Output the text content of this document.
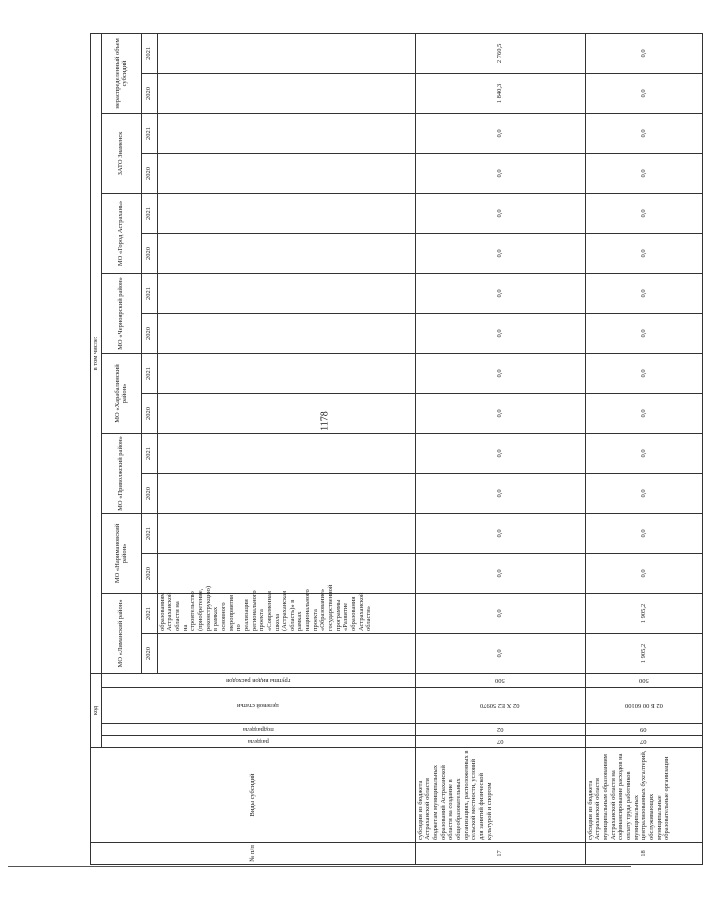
1178
№ п/п	Виды субсидий	код				в том числе:																

		раздела	подраздела	целевой статьи	группы видов расходов	МО «Лиманский район»		МО «Наримановский район»		МО «Приволжский район»		МО «Харабалинский район»		МО «Черноярский район»		МО «Город Астрахань»		ЗАТО Знаменск		нераспределенный объем субсидий		
						2020	2021	2020	2021	2020	2021	2020	2021	2020	2021	2020	2021	2020	2021	2020	2021	
							образованиям Астраханской области на на строительство (приобретение, реконструкцию) в рамках основного мероприятия по реализации регионального проекта «Современная школа (Астраханская область)» в рамках национального проекта «Образование» государственной программы «Развитие образования Астраханской области»	

17	субсидии из бюджета Астраханской области бюджетам муниципальных образований Астраханской области на создание в общеобразовательных организациях, расположенных в сельской местности, условий для занятий физической культурой и спортом	07	02	02 Х Е2 50970	500	0,0	0,0	0,0	0,0	0,0	0,0	0,0	0,0	0,0	0,0	0,0	0,0	0,0	0,0	1 840,3	2 760,5	
18	субсидии из бюджета Астраханской области муниципальным образованиям Астраханской области на софинансирование расходов на оплату труда работников муниципальных централизованных бухгалтерий, обслуживающих муниципальные образовательные организации	07	09	02 Б 00 60100	500	1 905,2	1 905,2	0,0	0,0	0,0	0,0	0,0	0,0	0,0	0,0	0,0	0,0	0,0	0,0	0,0	0,0	
